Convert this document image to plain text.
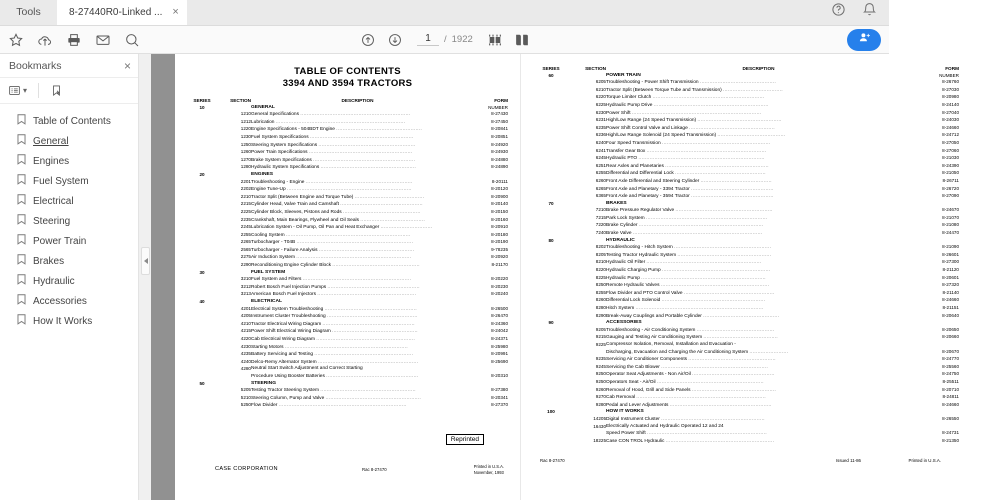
Tools	8-27440R0-Linked ... ×
1
/ 1922
Bookmarks	×
▾
Table of Contents
General
Engines
Fuel System
Electrical
Steering
Power Train
Brakes
Hydraulic
Accessories
How It Works
TABLE OF CONTENTS
3394 AND 3594 TRACTORS
SERIES	SECTION	DESCRIPTION	FORM
10		GENERAL	NUMBER
	1210	General Specifications ....................................................................	8-27430
	1212	Lubrication ................................................................................	8-27450
	1220	Engine Specifications - 504BDT Engine .....................................................	8-20841
	1230	Fuel System Specifications ................................................................	8-20851
	1250	Steering System Specifications ............................................................	8-24920
	1260	Power Train Specifications ................................................................	8-24930
	1270	Brake System Specifications ...............................................................	8-24880
	1280	Hydraulic System Specifications ...........................................................	8-24890
20		ENGINES	
	2201	Troubleshooting - Engine ..................................................................	8-20111
	2202	Engine Tune-Up .............................................................................	8-20120
	2210	Tractor Split (Between Engine and Torque Tube) ...........................................	8-20900
	2215	Cylinder Head, Valve Train and Camshaft ...................................................	8-20140
	2225	Cylinder Block, Sleeves, Pistons and Rods ................................................	8-20150
	2235	Crankshaft, Main Bearings, Flywheel and Oil Seals ........................................	8-20160
	2245	Lubrication System - Oil Pump, Oil Pan and Heat Exchanger ................................	8-20910
	2255	Cooling System .............................................................................	8-20180
	2265	Turbocharger - T04B ........................................................................	8-20190
	2565	Turbocharger - Failure Analysis ...........................................................	9-78235
	2275	Air Induction System .......................................................................	8-20920
	2290	Reconditioning Engine Cylinder Block ......................................................	8-21170
30		FUEL SYSTEM	
	3210	Fuel System and Filters ...................................................................	8-20220
	3212	Robert Bosch Fuel Injection Pumps .........................................................	8-20230
	3213	American Bosch Fuel Injectors .............................................................	8-20240
40		ELECTRICAL	
	4201	Electrical System Troubleshooting .........................................................	8-26500
	4205	Instrument Cluster Troubleshooting ........................................................	8-26470
	4210	Tractor Electrical Wiring Diagram .........................................................	8-24360
	4215	Power Shift Electrical Wiring Diagram .....................................................	8-24042
	4220	Cab Electrical Wiring Diagram .............................................................	8-24371
	4230	Starting Motors ............................................................................	8-25980
	4235	Battery Servicing and Testing .............................................................	8-20991
	4240	Delco-Remy Alternator System ..............................................................	8-25690
	4280	Neutral Start Switch Adjustment and Correct Starting	
		Procedure Using Booster Batteries .........................................................	8-20310
50		STEERING	
	5205	Testing Tractor Steering System ...........................................................	8-27380
	5210	Steering Column, Pump and Valve ...........................................................	8-20341
	5250	Flow Divider ...............................................................................	8-27370
Reprinted
CASE CORPORATION	Rac 8-27470
Printed in U.S.A.
November, 1993
SERIES	SECTION	DESCRIPTION	FORM
60		POWER TRAIN	NUMBER
	6205	Troubleshooting - Power Shift Transmission ...............................................	8-26760
	6210	Tractor Split (Between Torque Tube and Transmission) .....................................	8-27030
	6220	Torque Limiter Clutch .....................................................................	8-20980
	6225	Hydraulic Pump Drive .......................................................................	8-24140
	6230	Power Shift ................................................................................	8-27040
	6231	High/Low Range (24 Speed Transmission) ....................................................	8-24030
	6235	Power Shift Control Valve and Linkage .....................................................	8-24660
	6236	High/Low Range Solenoid (24 Speed Transmission) ..........................................	8-24712
	6240	Four Speed Transmission ...................................................................	8-27050
	6241	Transfer Gear Box ..........................................................................	8-27060
	6245	Hydraulic PTO ..............................................................................	8-21030
	6251	Rear Axles and Planetaries ................................................................	8-24390
	6255	Differential and Differential Lock ........................................................	8-21050
	6260	Front Axle Differential and Steering Cylinder ............................................	8-26711
	6265	Front Axle and Planetary - 3394 Tractor ...................................................	8-26720
	6365	Front Axle and Planetary - 3594 Tractor ...................................................	8-27090
70		BRAKES	
	7210	Brake Pressure Regulator Valve ............................................................	8-24670
	7215	Park Lock System ...........................................................................	8-21070
	7220	Brake Cylinder .............................................................................	8-21080
	7240	Brake Valve ................................................................................	8-24470
80		HYDRAULIC	
	8202	Troubleshooting - Hitch System ............................................................	8-21090
	8205	Testing Tractor Hydraulic System ..........................................................	8-26601
	8210	Hydraulic Oil Filter .......................................................................	8-27300
	8220	Hydraulic Charging Pump ...................................................................	8-21120
	8225	Hydraulic Pump .............................................................................	8-20601
	8250	Remote Hydraulic Valves ...................................................................	8-27320
	8255	Flow Divider and PTO Control Valve ........................................................	8-21140
	8260	Differential Lock Solenoid ................................................................	8-24660
	8280	Hitch System ...............................................................................	8-21151
	8290	Break-Away Couplings and Portable Cylinder ...............................................	8-20640
90		ACCESSORIES	
	9205	Troubleshooting - Air Conditioning System ................................................	8-20650
	9215	Gauging and Testing Air Conditioning System ..............................................	8-20660
	9225	Compressor Isolation, Removal, Installation and Evacuation -	
		Discharging, Evacuation and Charging the Air Conditioning System ........................	8-20670
	9235	Servicing Air Conditioner Components ......................................................	8-24770
	9245	Servicing the Cab Blower ..................................................................	8-25560
	9250	Operator Seat Adjustments - Non Air/Oil ...................................................	8-24750
	9250	Operators Seat - Air/Oil ..................................................................	8-25511
	9260	Removal of Hood, Grill and Side Panels ....................................................	8-20710
	9270	Cab Removal ................................................................................	8-24811
	9280	Pedal and Lever Adjustments ...............................................................	8-24660
100		HOW IT WORKS	
	14205	Digital Instrument Cluster ................................................................	8-26550
	16430	Electrically Actuated and Hydraulic Operated 12 and 24	
		Speed Power Shift ..........................................................................	8-24731
	18225	Case CON TROL Hydraulic ...................................................................	8-21350
Rac 8-27470	Issued 11-86	Printed in U.S.A.
